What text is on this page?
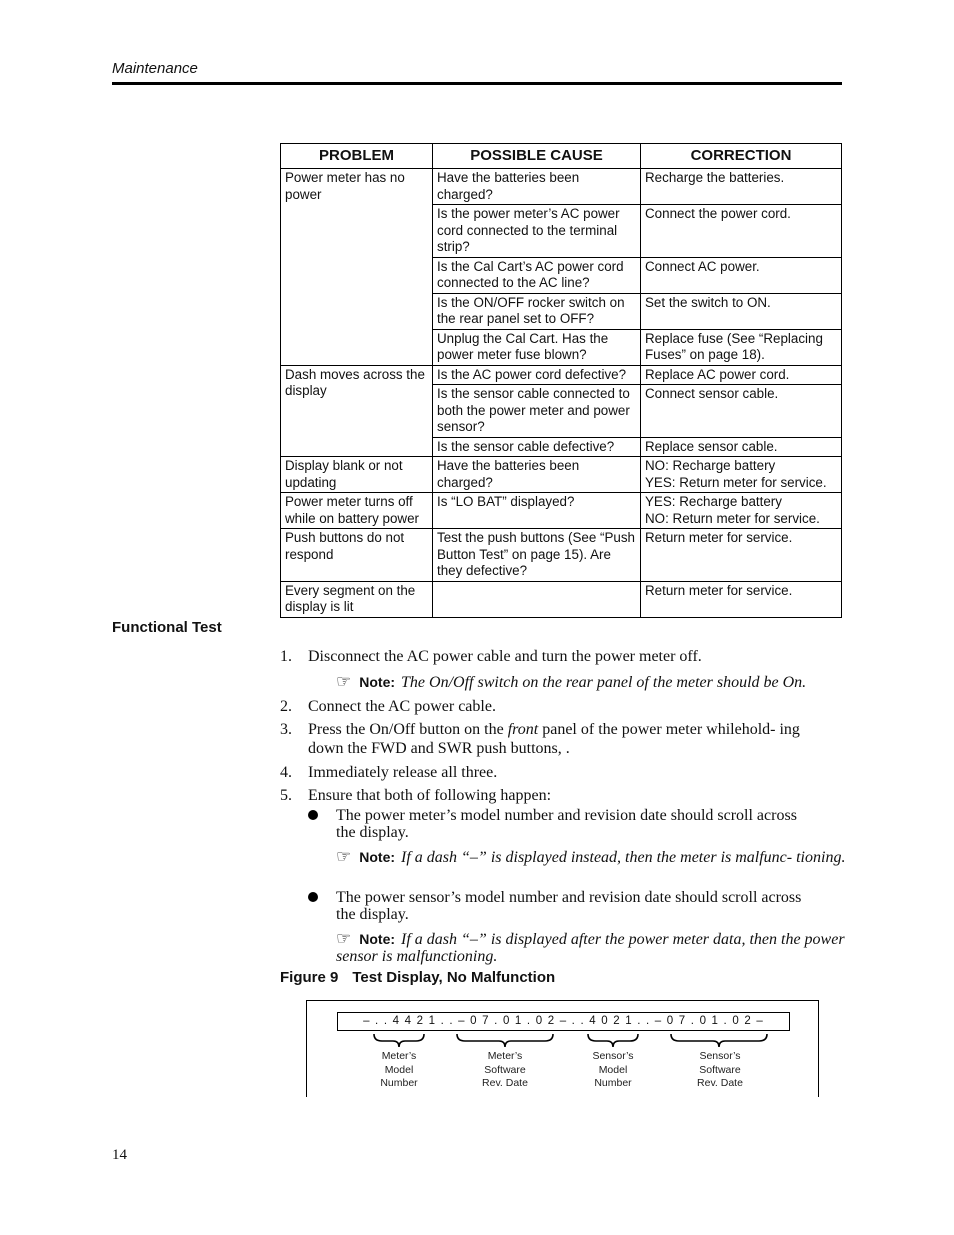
Maintenance
PROBLEM	POSSIBLE CAUSE	CORRECTION
Power meter has no power	Have the batteries been charged?	Recharge the batteries.
	Is the power meter’s AC power cord connected to the terminal strip?	Connect the power cord.
	Is the Cal Cart’s AC power cord connected to the AC line?	Connect AC power.
	Is the ON/OFF rocker switch on the rear panel set to OFF?	Set the switch to ON.
	Unplug the Cal Cart. Has the power meter fuse blown?	Replace fuse (See “Replacing Fuses” on page 18).
Dash moves across the display	Is the AC power cord defective?	Replace AC power cord.
	Is the sensor cable connected to both the power meter and power sensor?	Connect sensor cable.
	Is the sensor cable defective?	Replace sensor cable.
Display blank or not updating	Have the batteries been charged?	NO: Recharge battery
YES: Return meter for service.

Power meter turns off while on battery power	Is “LO BAT” displayed?	YES: Recharge battery
NO: Return meter for service.

Push buttons do not respond	Test the push buttons (See “Push Button Test” on page 15). Are they defective?	Return meter for service.
Every segment on the display is lit		Return meter for service.
Functional Test
1.	Disconnect the AC power cable and turn the power meter off.
☞ Note: The On/Off switch on the rear panel of the meter should be On.
2.	Connect the AC power cable.
3.	Press the On/Off button on the front panel of the power meter whilehold- ing down the FWD and SWR push buttons, .
4.	Immediately release all three.
5.	Ensure that both of following happen:
The power meter’s model number and revision date should scroll across the display.
☞ Note: If a dash “–” is displayed instead, then the meter is malfunc- tioning.
The power sensor’s model number and revision date should scroll across the display.
☞ Note: If a dash “–” is displayed after the power meter data, then the power sensor is malfunctioning.
Figure 9 Test Display, No Malfunction
– . . 4 4 2 1 . . – 0 7 . 0 1 . 0 2 – . . 4 0 2 1 . . – 0 7 . 0 1 . 0 2 –
Meter’s
Model
Number
Meter’s
Software
Rev. Date
Sensor’s
Model
Number
Sensor’s
Software
Rev. Date
14
